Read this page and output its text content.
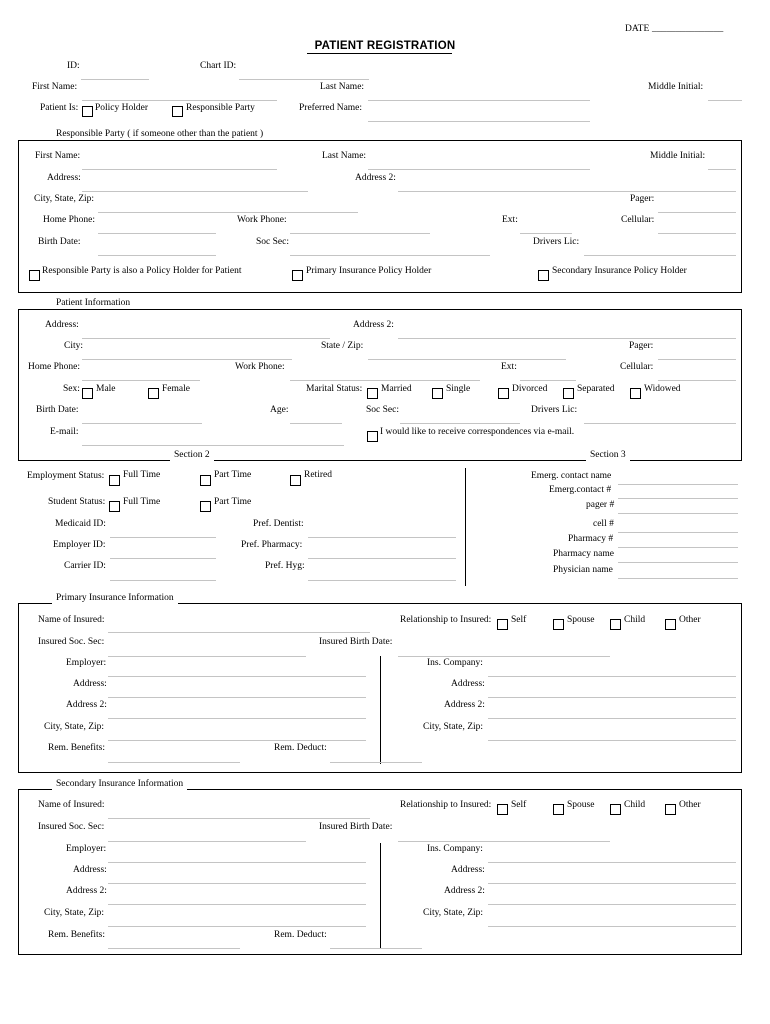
DATE _______________
PATIENT REGISTRATION
ID:	Chart ID:
First Name:	Last Name:	Middle Initial:
Patient Is: Policy Holder	Responsible Party	Preferred Name:
Responsible Party ( if someone other than the patient )
First Name:	Last Name:	Middle Initial:
Address:	Address 2:
City, State, Zip:	Pager:
Home Phone:	Work Phone:	Ext:	Cellular:
Birth Date:	Soc Sec:	Drivers Lic:
Responsible Party is also a Policy Holder for Patient	Primary Insurance Policy Holder	Secondary Insurance Policy Holder
Patient Information
Address:	Address 2:
City:	State / Zip:	Pager:
Home Phone:	Work Phone:	Ext:	Cellular:
Sex: Male	Female	Marital Status: Married	Single	Divorced	Separated	Widowed
Birth Date:	Age:	Soc Sec:	Drivers Lic:
E-mail:	I would like to receive correspondences via e-mail.
Section 2	Section 3
Employment Status: Full Time	Part Time	Retired
Student Status: Full Time	Part Time
Medicaid ID:	Pref. Dentist:
Employer ID:	Pref. Pharmacy:
Carrier ID:	Pref. Hyg:
Emerg. contact name
Emerg.contact #
pager #
cell #
Pharmacy #
Pharmacy name
Physician name
Primary Insurance Information
Name of Insured:	Relationship to Insured: Self	Spouse	Child	Other
Insured Soc. Sec:	Insured Birth Date:
Employer:	Ins. Company:
Address:	Address:
Address 2:	Address 2:
City, State, Zip:	City, State, Zip:
Rem. Benefits:	Rem. Deduct:
Secondary Insurance Information
Name of Insured:	Relationship to Insured: Self	Spouse	Child	Other
Insured Soc. Sec:	Insured Birth Date:
Employer:	Ins. Company:
Address:	Address:
Address 2:	Address 2:
City, State, Zip:	City, State, Zip:
Rem. Benefits:	Rem. Deduct:
